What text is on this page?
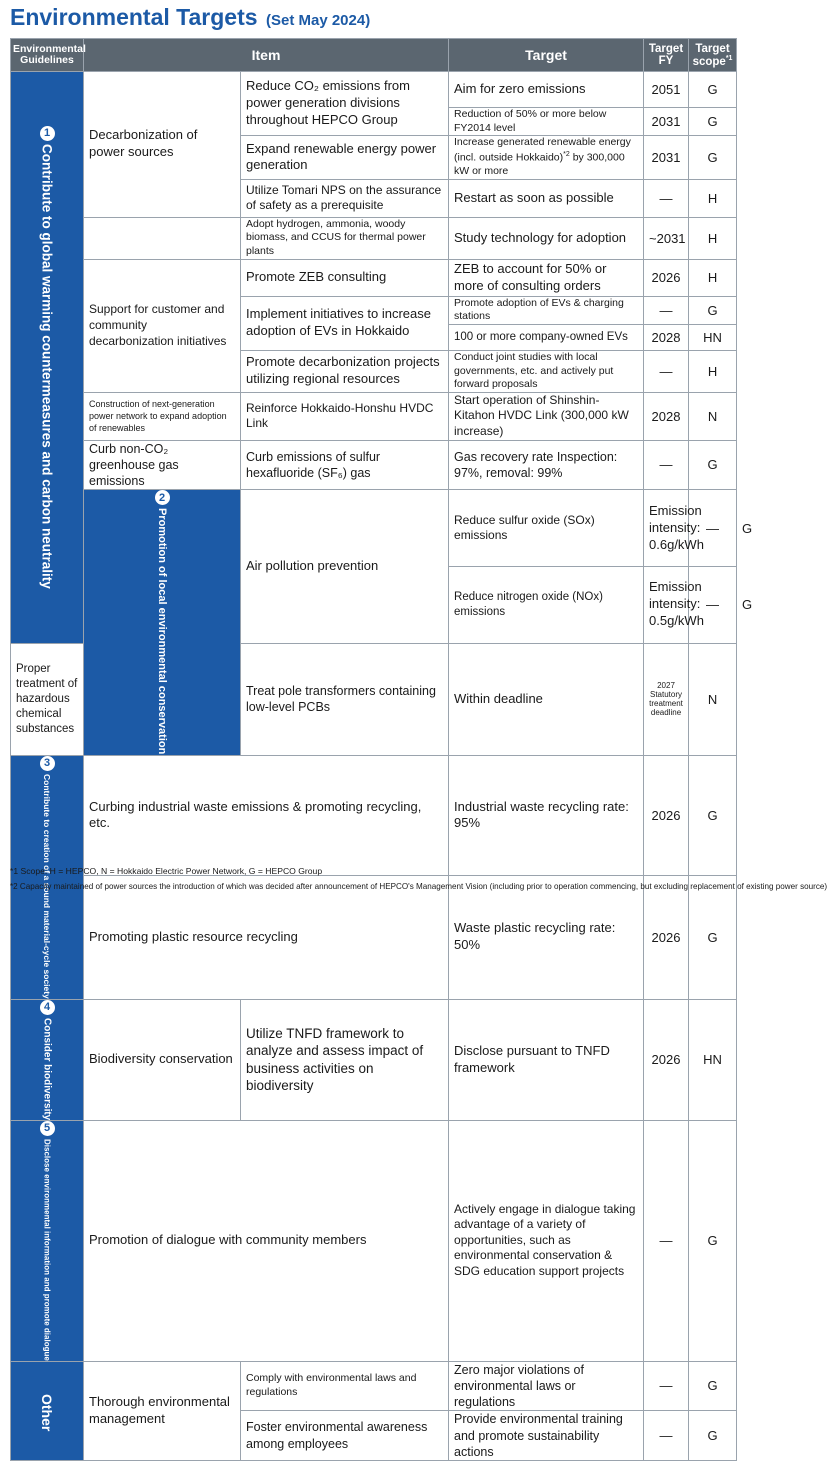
Environmental Targets (Set May 2024)
Environmental Guidelines	Item		Target	Target FY	Target scope$^{*1}$

1
Contribute to global warming countermeasures and carbon neutrality	Decarbonization of power sources	Reduce CO₂ emissions from power generation divisions throughout HEPCO Group	Aim for zero emissions	2051	G	
			Reduction of 50% or more below FY2014 level	2031	G	
		Expand renewable energy power generation	Increase generated renewable energy (incl. outside Hokkaido)$^{*2}$ by 300,000 kW or more	2031	G	
		Utilize Tomari NPS on the assurance of safety as a prerequisite	Restart as soon as possible	—	H	
		Adopt hydrogen, ammonia, woody biomass, and CCUS for thermal power plants	Study technology for adoption	~2031	H	
	Support for customer and community decarbonization initiatives	Promote ZEB consulting	ZEB to account for 50% or more of consulting orders	2026	H	
		Implement initiatives to increase adoption of EVs in Hokkaido	Promote adoption of EVs & charging stations	—	G	
			100 or more company-owned EVs	2028	HN	
		Promote decarbonization projects utilizing regional resources	Conduct joint studies with local governments, etc. and actively put forward proposals	—	H	
	Construction of next-generation power network to expand adoption of renewables	Reinforce Hokkaido-Honshu HVDC Link	Start operation of Shinshin-Kitahon HVDC Link (300,000 kW increase)	2028	N	
	Curb non-CO₂ greenhouse gas emissions	Curb emissions of sulfur hexafluoride (SF₆) gas	Gas recovery rate Inspection: 97%, removal: 99%	—	G	

2
Promotion of local environmental conservation	Air pollution prevention	Reduce sulfur oxide (SOx) emissions	Emission intensity: 0.6g/kWh	—	G
			Reduce nitrogen oxide (NOx) emissions	Emission intensity: 0.5g/kWh	—	G
Proper treatment of hazardous chemical substances		Treat pole transformers containing low-level PCBs	Within deadline	2027 Statutory treatment deadline	N	

3
Contribute to creation of a sound material-cycle society	Curbing industrial waste emissions & promoting recycling, etc.		Industrial waste recycling rate: 95%	2026	G	
	Promoting plastic resource recycling		Waste plastic recycling rate: 50%	2026	G	

4
Consider biodiversity	Biodiversity conservation	Utilize TNFD framework to analyze and assess impact of business activities on biodiversity	Disclose pursuant to TNFD framework	2026	HN	

5
Disclose environmental information and promote dialogue	Promotion of dialogue with community members		Actively engage in dialogue taking advantage of a variety of opportunities, such as environmental conservation & SDG education support projects	—	G	

Other	Thorough environmental management	Comply with environmental laws and regulations	Zero major violations of environmental laws or regulations	—	G	
		Foster environmental awareness among employees	Provide environmental training and promote sustainability actions	—	G	
*1 Scope: H = HEPCO, N = Hokkaido Electric Power Network, G = HEPCO Group
*2 Capacity maintained of power sources the introduction of which was decided after announcement of HEPCO's Management Vision (including prior to operation commencing, but excluding replacement of existing power source)
